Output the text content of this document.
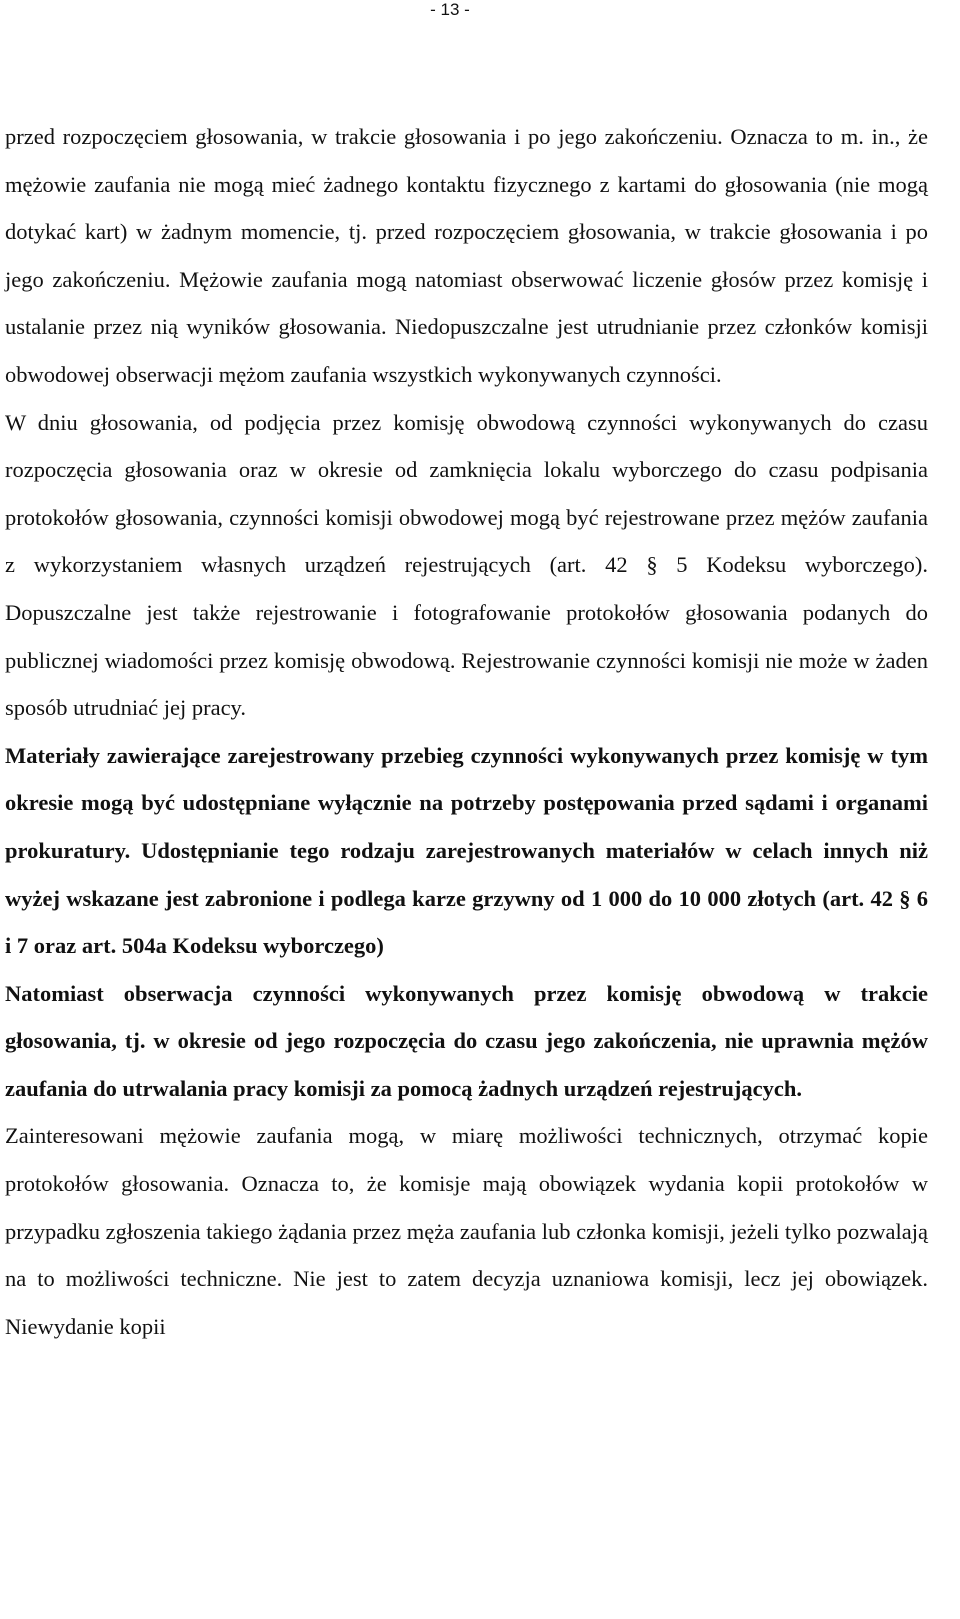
- 13 -

przed rozpoczęciem głosowania, w trakcie głosowania i po jego zakończeniu. Oznacza to m. in., że mężowie zaufania nie mogą mieć żadnego kontaktu fizycznego z kartami do głosowania (nie mogą dotykać kart) w żadnym momencie, tj. przed rozpoczęciem głosowania, w trakcie głosowania i po jego zakończeniu. Mężowie zaufania mogą natomiast obserwować liczenie głosów przez komisję i ustalanie przez nią wyników głosowania. Niedopuszczalne jest utrudnianie przez członków komisji obwodowej obserwacji mężom zaufania wszystkich wykonywanych czynności.

W dniu głosowania, od podjęcia przez komisję obwodową czynności wykonywanych do czasu rozpoczęcia głosowania oraz w okresie od zamknięcia lokalu wyborczego do czasu podpisania protokołów głosowania, czynności komisji obwodowej mogą być rejestrowane przez mężów zaufania z wykorzystaniem własnych urządzeń rejestrujących (art. 42 § 5 Kodeksu wyborczego). Dopuszczalne jest także rejestrowanie i fotografowanie protokołów głosowania podanych do publicznej wiadomości przez komisję obwodową. Rejestrowanie czynności komisji nie może w żaden sposób utrudniać jej pracy.

Materiały zawierające zarejestrowany przebieg czynności wykonywanych przez komisję w tym okresie mogą być udostępniane wyłącznie na potrzeby postępowania przed sądami i organami prokuratury. Udostępnianie tego rodzaju zarejestrowanych materiałów w celach innych niż wyżej wskazane jest zabronione i podlega karze grzywny od 1 000 do 10 000 złotych (art. 42 § 6 i 7 oraz art. 504a Kodeksu wyborczego)

Natomiast obserwacja czynności wykonywanych przez komisję obwodową w trakcie głosowania, tj. w okresie od jego rozpoczęcia do czasu jego zakończenia, nie uprawnia mężów zaufania do utrwalania pracy komisji za pomocą żadnych urządzeń rejestrujących.

Zainteresowani mężowie zaufania mogą, w miarę możliwości technicznych, otrzymać kopie protokołów głosowania. Oznacza to, że komisje mają obowiązek wydania kopii protokołów w przypadku zgłoszenia takiego żądania przez męża zaufania lub członka komisji, jeżeli tylko pozwalają na to możliwości techniczne. Nie jest to zatem decyzja uznaniowa komisji, lecz jej obowiązek. Niewydanie kopii
